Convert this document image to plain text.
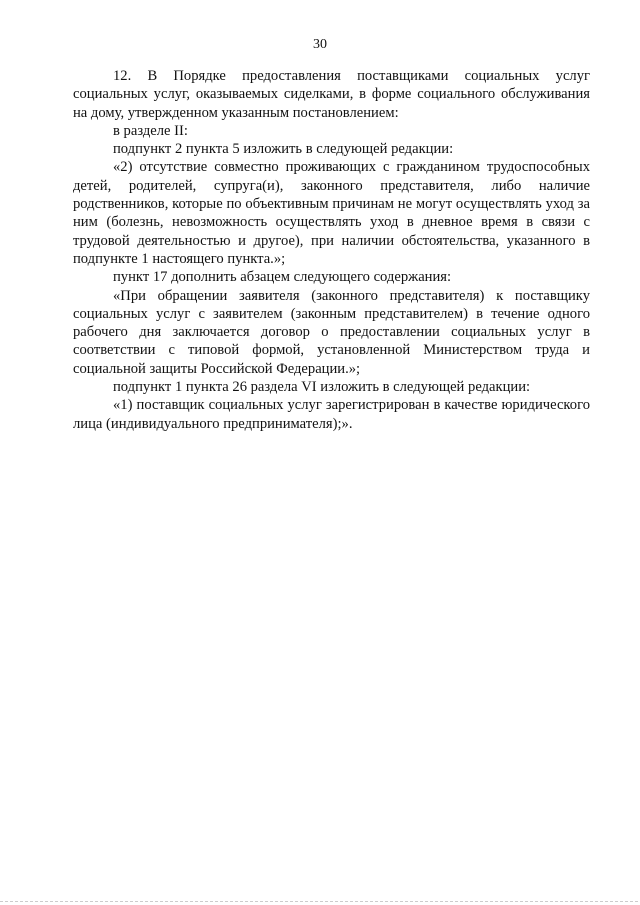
30

12. В Порядке предоставления поставщиками социальных услуг социальных услуг, оказываемых сиделками, в форме социального обслуживания на дому, утвержденном указанным постановлением:

в разделе II:

подпункт 2 пункта 5 изложить в следующей редакции:

«2) отсутствие совместно проживающих с гражданином трудоспособных детей, родителей, супруга(и), законного представителя, либо наличие родственников, которые по объективным причинам не могут осуществлять уход за ним (болезнь, невозможность осуществлять уход в дневное время в связи с трудовой деятельностью и другое), при наличии обстоятельства, указанного в подпункте 1 настоящего пункта.»;

пункт 17 дополнить абзацем следующего содержания:

«При обращении заявителя (законного представителя) к поставщику социальных услуг с заявителем (законным представителем) в течение одного рабочего дня заключается договор о предоставлении социальных услуг в соответствии с типовой формой, установленной Министерством труда и социальной защиты Российской Федерации.»;

подпункт 1 пункта 26 раздела VI изложить в следующей редакции:

«1) поставщик социальных услуг зарегистрирован в качестве юридического лица (индивидуального предпринимателя);».
